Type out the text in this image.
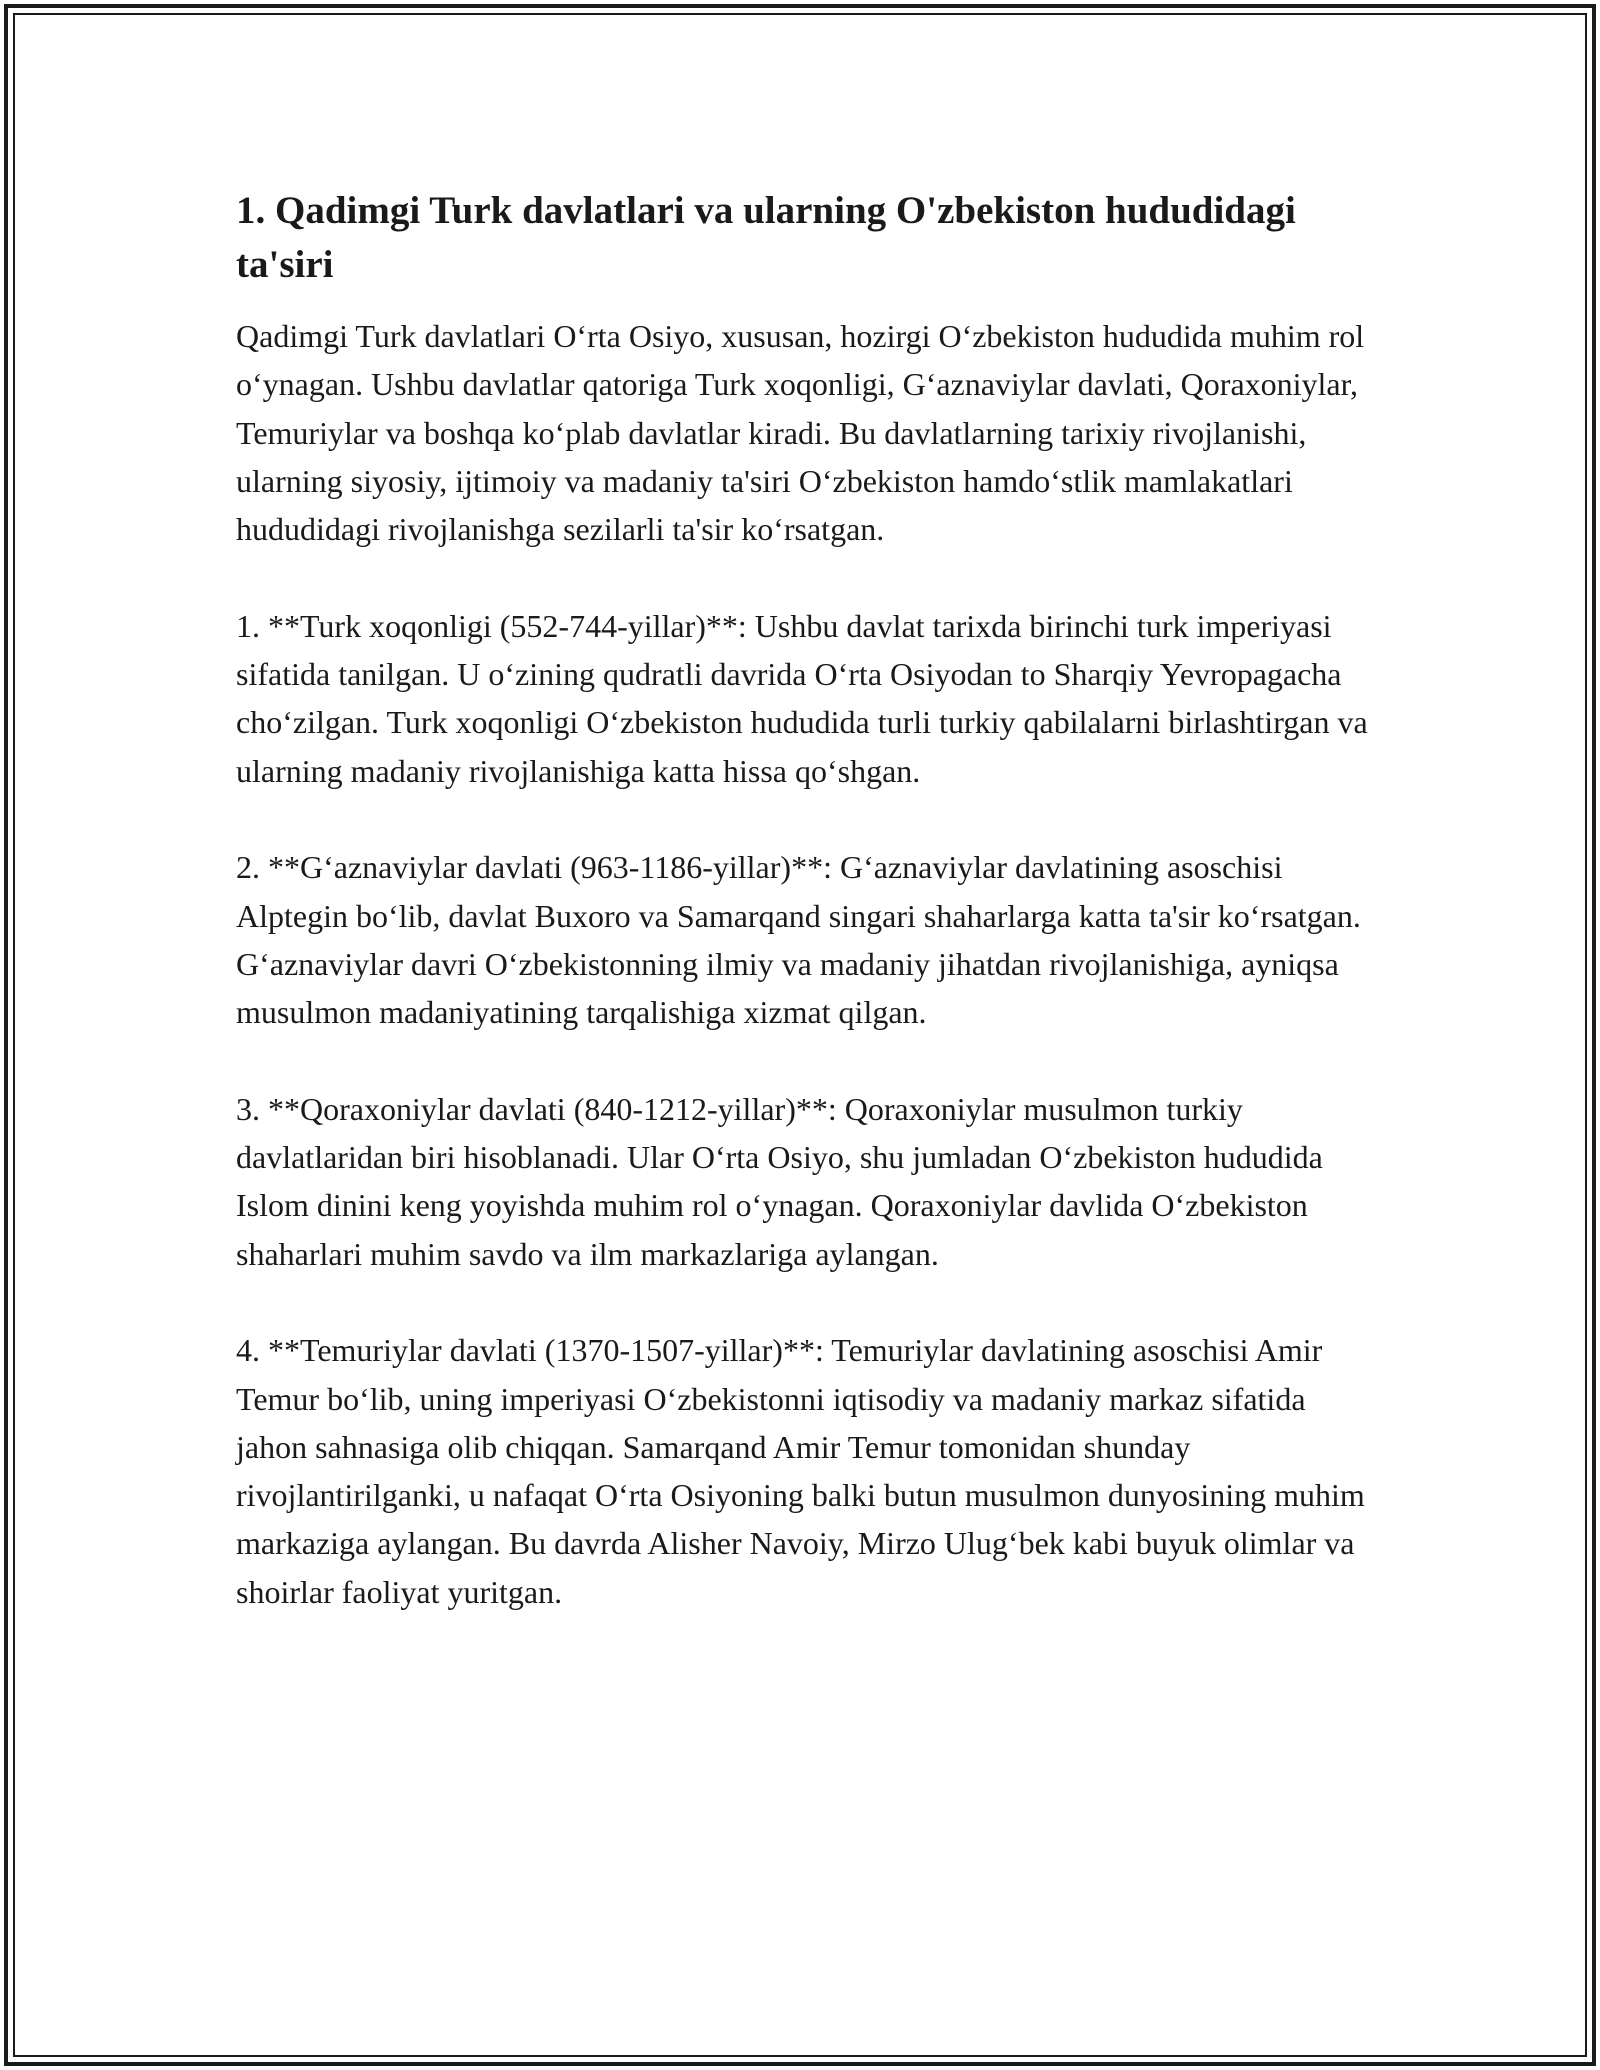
1. Qadimgi Turk davlatlari va ularning O'zbekiston hududidagi ta'siri

Qadimgi Turk davlatlari O‘rta Osiyo, xususan, hozirgi O‘zbekiston hududida muhim rol o‘ynagan. Ushbu davlatlar qatoriga Turk xoqonligi, G‘aznaviylar davlati, Qoraxoniylar, Temuriylar va boshqa ko‘plab davlatlar kiradi. Bu davlatlarning tarixiy rivojlanishi, ularning siyosiy, ijtimoiy va madaniy ta'siri O‘zbekiston hamdo‘stlik mamlakatlari hududidagi rivojlanishga sezilarli ta'sir ko‘rsatgan.

1. **Turk xoqonligi (552-744-yillar)**: Ushbu davlat tarixda birinchi turk imperiyasi sifatida tanilgan. U o‘zining qudratli davrida O‘rta Osiyodan to Sharqiy Yevropagacha cho‘zilgan. Turk xoqonligi O‘zbekiston hududida turli turkiy qabilalarni birlashtirgan va ularning madaniy rivojlanishiga katta hissa qo‘shgan.

2. **G‘aznaviylar davlati (963-1186-yillar)**: G‘aznaviylar davlatining asoschisi Alptegin bo‘lib, davlat Buxoro va Samarqand singari shaharlarga katta ta'sir ko‘rsatgan. G‘aznaviylar davri O‘zbekistonning ilmiy va madaniy jihatdan rivojlanishiga, ayniqsa musulmon madaniyatining tarqalishiga xizmat qilgan.

3. **Qoraxoniylar davlati (840-1212-yillar)**: Qoraxoniylar musulmon turkiy davlatlaridan biri hisoblanadi. Ular O‘rta Osiyo, shu jumladan O‘zbekiston hududida Islom dinini keng yoyishda muhim rol o‘ynagan. Qoraxoniylar davlida O‘zbekiston shaharlari muhim savdo va ilm markazlariga aylangan.

4. **Temuriylar davlati (1370-1507-yillar)**: Temuriylar davlatining asoschisi Amir Temur bo‘lib, uning imperiyasi O‘zbekistonni iqtisodiy va madaniy markaz sifatida jahon sahnasiga olib chiqqan. Samarqand Amir Temur tomonidan shunday rivojlantirilganki, u nafaqat O‘rta Osiyoning balki butun musulmon dunyosining muhim markaziga aylangan. Bu davrda Alisher Navoiy, Mirzo Ulug‘bek kabi buyuk olimlar va shoirlar faoliyat yuritgan.
